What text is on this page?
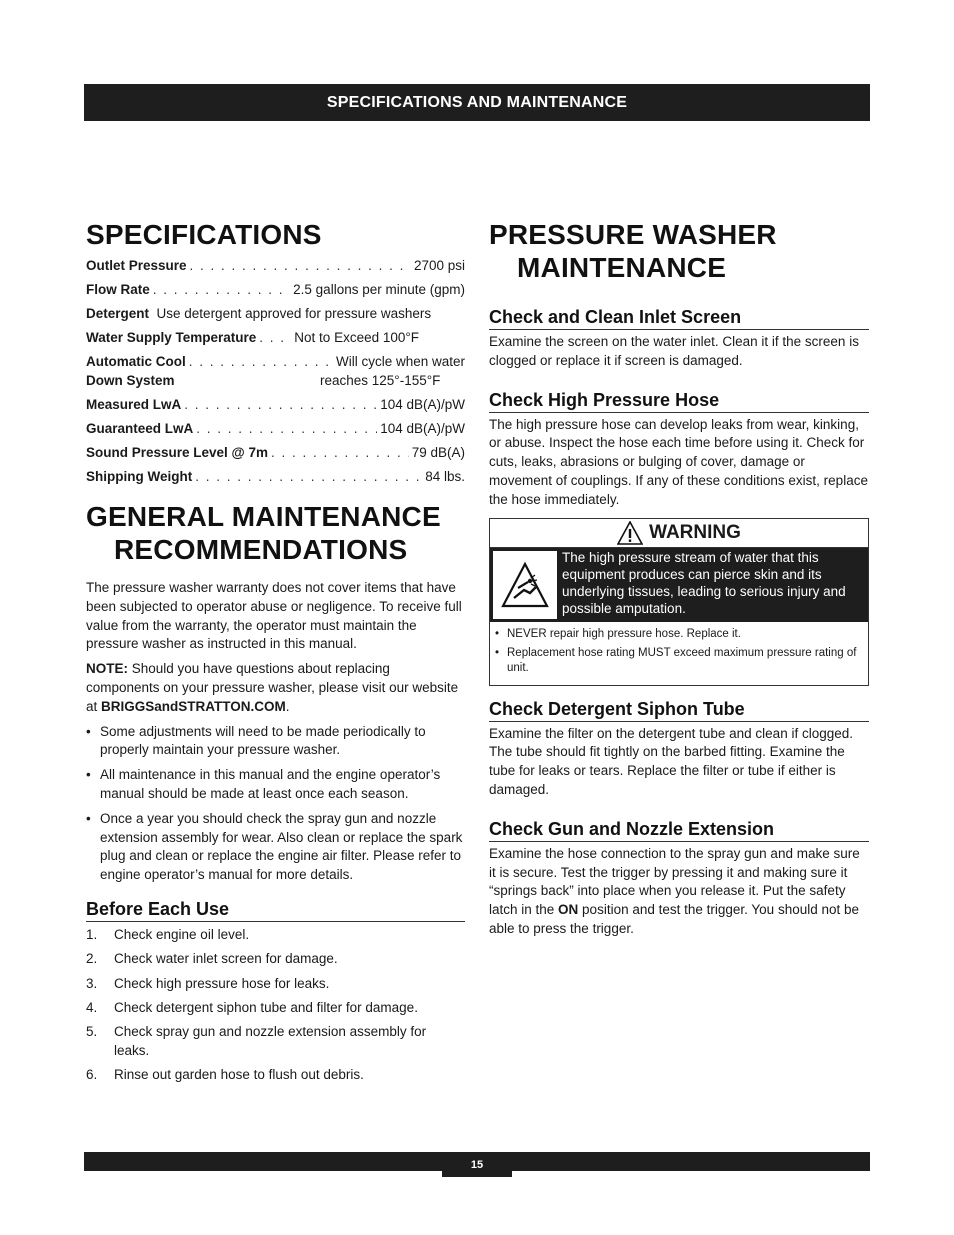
SPECIFICATIONS AND MAINTENANCE
SPECIFICATIONS
Outlet Pressure . . .	2700 psi
Flow Rate . . .	2.5 gallons per minute (gpm)
Detergent Use detergent approved for pressure washers
Water Supply Temperature . . .	Not to Exceed 100°F
Automatic Cool . . .	Will cycle when water
Down System	reaches 125°-155°F
Measured LwA . . .	104 dB(A)/pW
Guaranteed LwA . . .	104 dB(A)/pW
Sound Pressure Level @ 7m . . .	79 dB(A)
Shipping Weight . . .	84 lbs.
GENERAL MAINTENANCE
RECOMMENDATIONS

The pressure washer warranty does not cover items that have been subjected to operator abuse or negligence. To receive full value from the warranty, the operator must maintain the pressure washer as instructed in this manual.

NOTE: Should you have questions about replacing components on your pressure washer, please visit our website at BRIGGSandSTRATTON.COM.

• Some adjustments will need to be made periodically to properly maintain your pressure washer.
• All maintenance in this manual and the engine operator’s manual should be made at least once each season.
• Once a year you should check the spray gun and nozzle extension assembly for wear. Also clean or replace the spark plug and clean or replace the engine air filter. Please refer to engine operator’s manual for more details.
Before Each Use
1.	Check engine oil level.
2.	Check water inlet screen for damage.
3.	Check high pressure hose for leaks.
4.	Check detergent siphon tube and filter for damage.
5.	Check spray gun and nozzle extension assembly for leaks.
6.	Rinse out garden hose to flush out debris.
PRESSURE WASHER
MAINTENANCE
Check and Clean Inlet Screen

Examine the screen on the water inlet. Clean it if the screen is clogged or replace it if screen is damaged.

Check High Pressure Hose

The high pressure hose can develop leaks from wear, kinking, or abuse. Inspect the hose each time before using it. Check for cuts, leaks, abrasions or bulging of cover, damage or movement of couplings. If any of these conditions exist, replace the hose immediately.

WARNING
The high pressure stream of water that this equipment produces can pierce skin and its underlying tissues, leading to serious injury and possible amputation.
• NEVER repair high pressure hose. Replace it.
• Replacement hose rating MUST exceed maximum pressure rating of unit.
Check Detergent Siphon Tube

Examine the filter on the detergent tube and clean if clogged. The tube should fit tightly on the barbed fitting. Examine the tube for leaks or tears. Replace the filter or tube if either is damaged.

Check Gun and Nozzle Extension

Examine the hose connection to the spray gun and make sure it is secure. Test the trigger by pressing it and making sure it “springs back” into place when you release it. Put the safety latch in the ON position and test the trigger. You should not be able to press the trigger.

15
